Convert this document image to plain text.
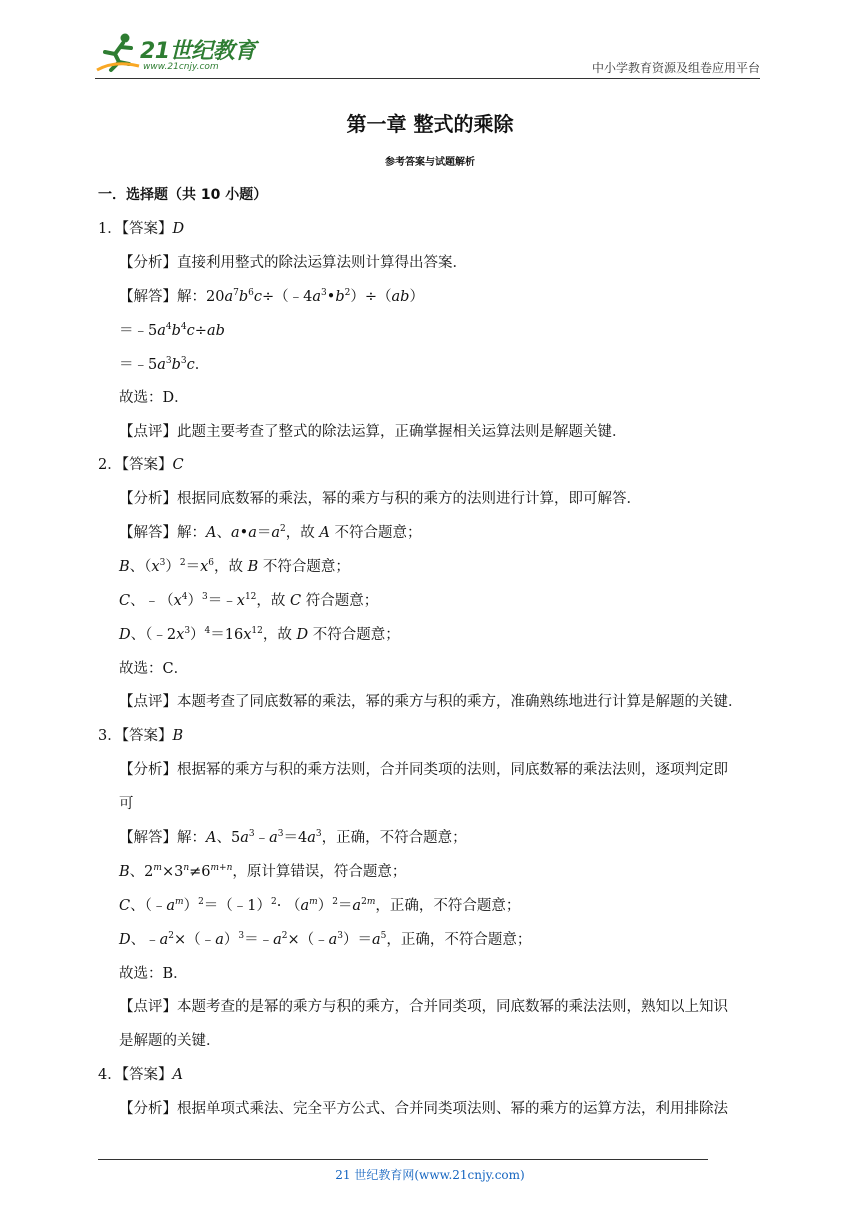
21世纪教育
www.21cnjy.com	中小学教育资源及组卷应用平台
第一章 整式的乘除
参考答案与试题解析
一．选择题（共 10 小题）
1．【答案】D
【分析】直接利用整式的除法运算法则计算得出答案．
【解答】解：$20a^7b^6c\div(﹣4a^3•b^2)\div(ab)$
$=﹣5a^4b^4c\div ab$
$=﹣5a^3b^3c$．
故选：D．
【点评】此题主要考查了整式的除法运算，正确掌握相关运算法则是解题关键．
2．【答案】C
【分析】根据同底数幂的乘法，幂的乘方与积的乘方的法则进行计算，即可解答．
【解答】解：A、$a•a=a^2$，故 A 不符合题意；
B、$(x^3)^2=x^6$，故 B 不符合题意；
C、$﹣(x^4)^3=﹣x^{12}$，故 C 符合题意；
D、$(﹣2x^3)^4=16x^{12}$，故 D 不符合题意；
故选：C．
【点评】本题考查了同底数幂的乘法，幂的乘方与积的乘方，准确熟练地进行计算是解题的关键．
3．【答案】B
【分析】根据幂的乘方与积的乘方法则，合并同类项的法则，同底数幂的乘法法则，逐项判定即
可
【解答】解：A、$5a^3﹣a^3=4a^3$，正确，不符合题意；
B、$2^m\times 3^n\ne 6^{m+n}$，原计算错误，符合题意；
C、$(﹣a^m)^2=(﹣1)^2\cdot (a^m)^2=a^{2m}$，正确，不符合题意；
D、$﹣a^2\times(﹣a)^3=﹣a^2\times(﹣a^3)=a^5$，正确，不符合题意；
故选：B．
【点评】本题考查的是幂的乘方与积的乘方，合并同类项，同底数幂的乘法法则，熟知以上知识
是解题的关键．
4．【答案】A
【分析】根据单项式乘法、完全平方公式、合并同类项法则、幂的乘方的运算方法，利用排除法
21 世纪教育网(www.21cnjy.com)
